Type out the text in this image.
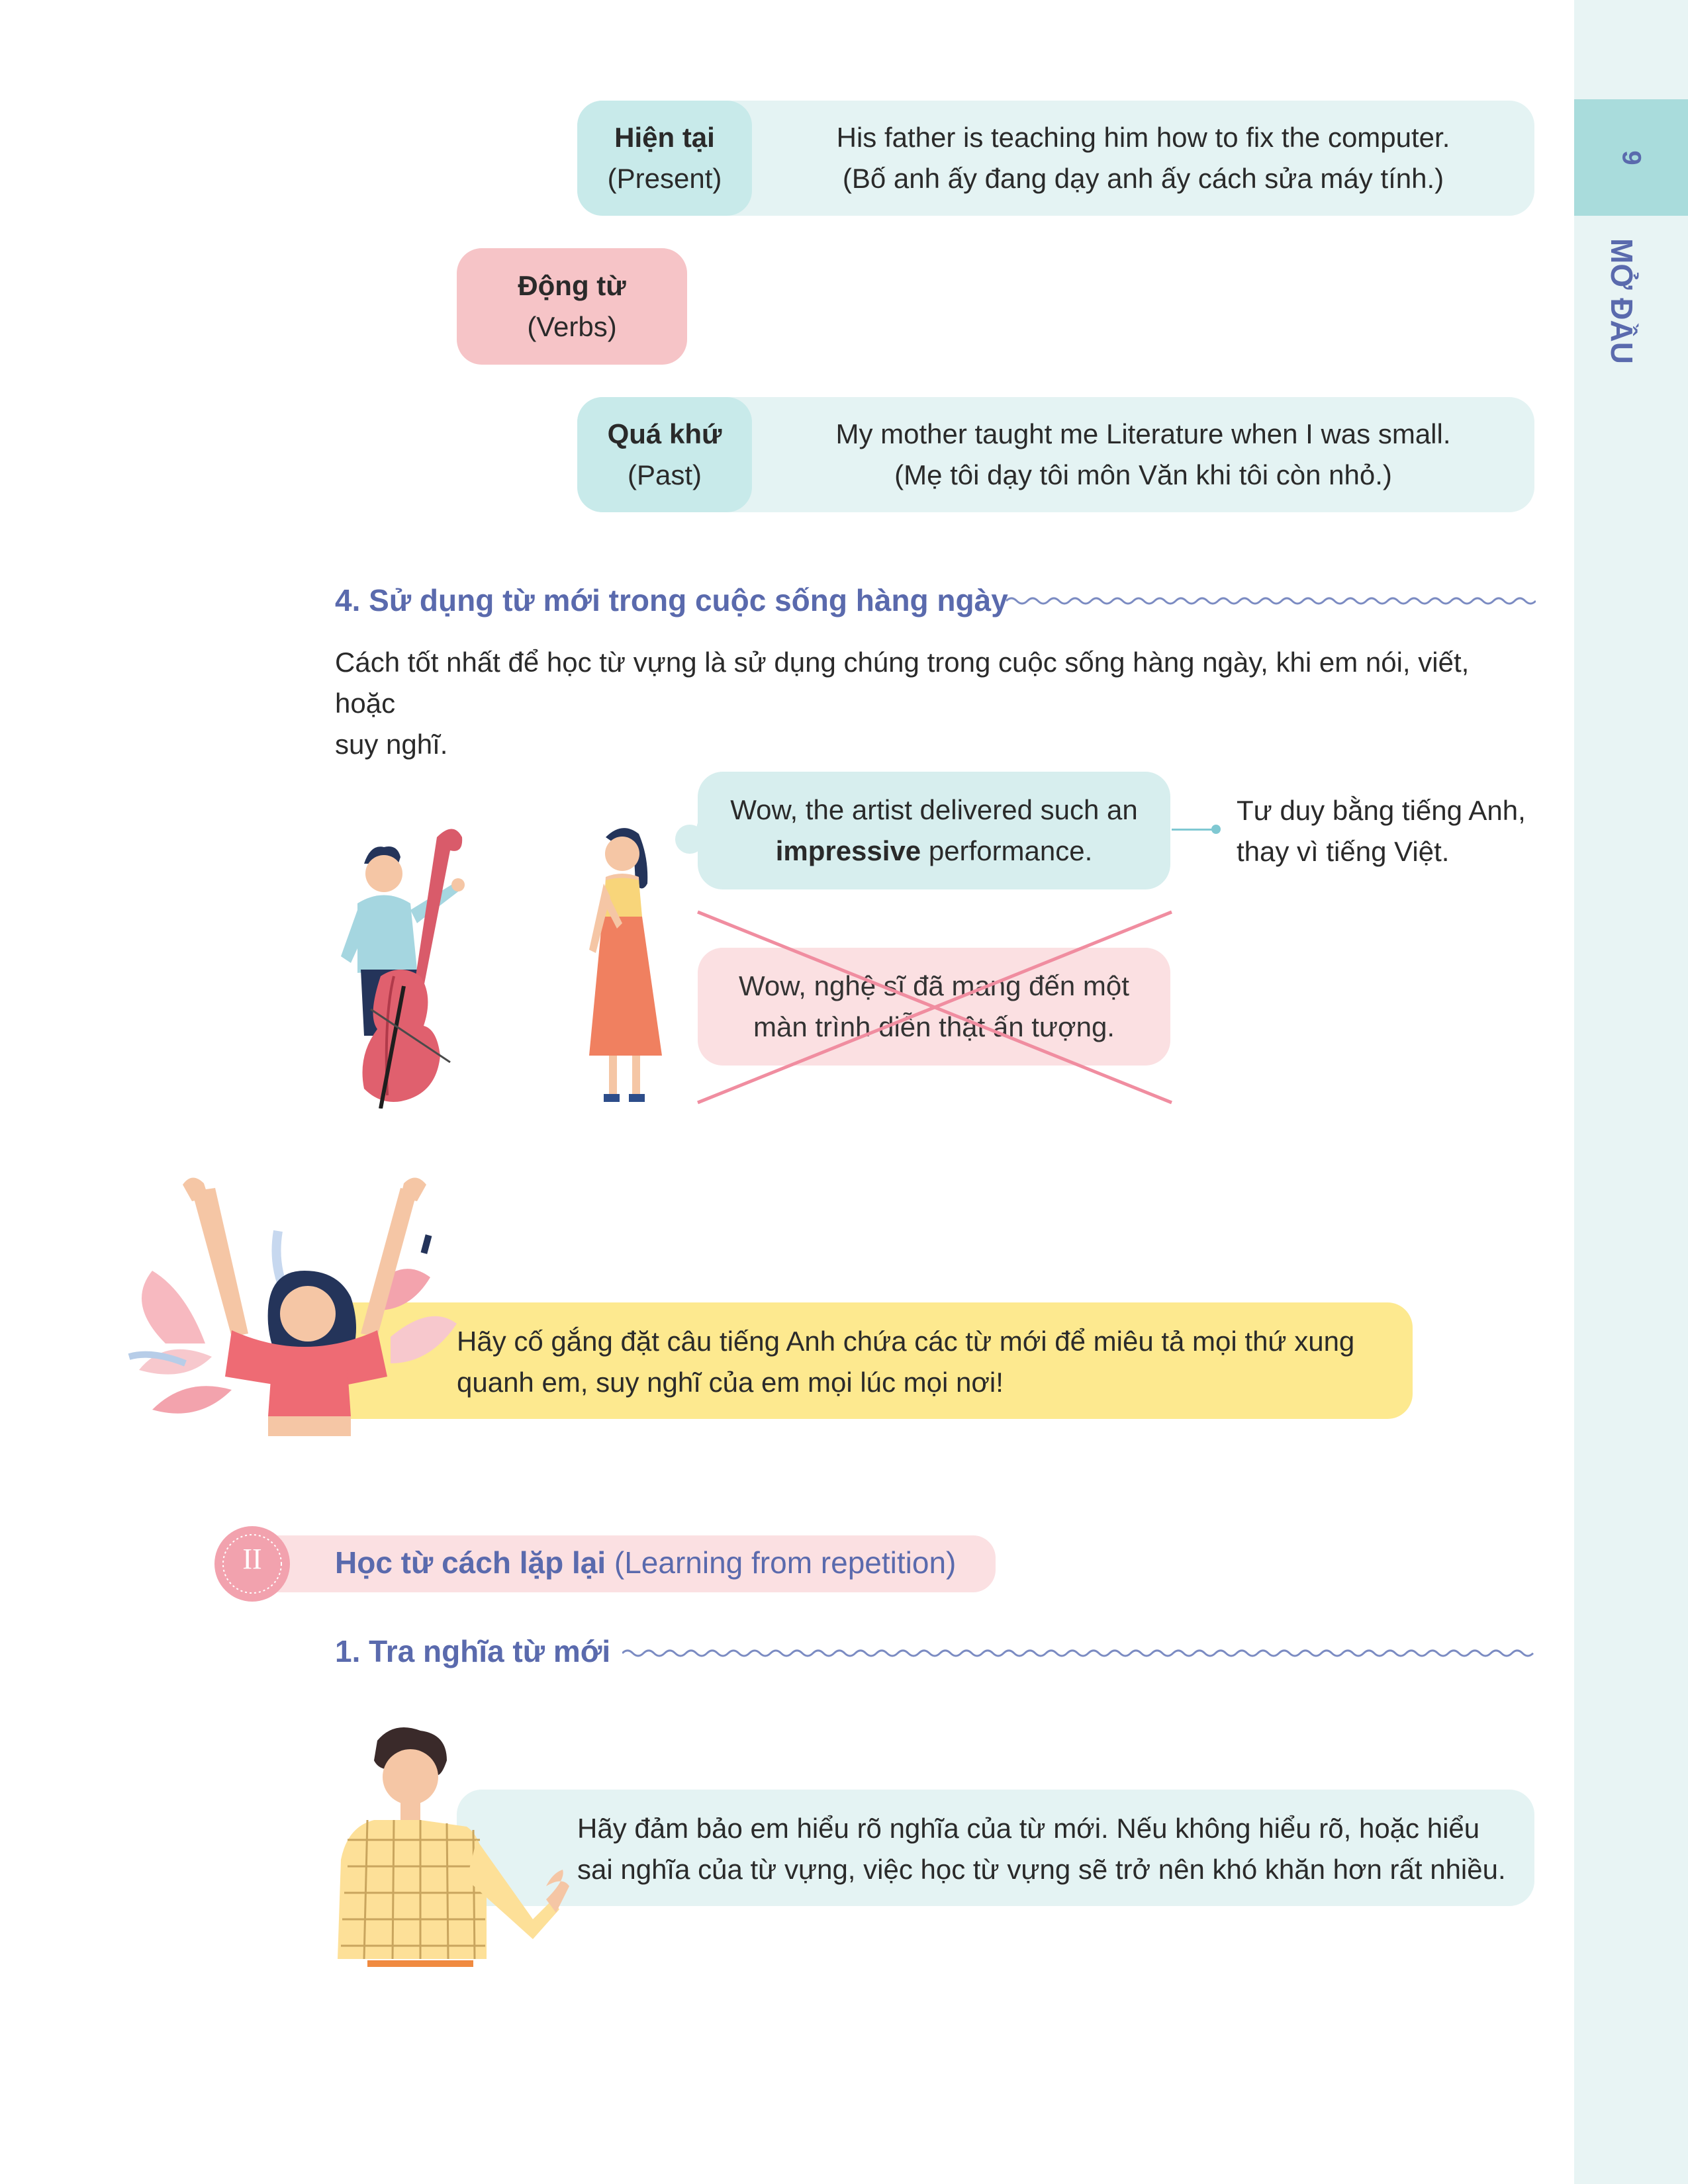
9
MỞ ĐẦU
Hiện tại
(Present)
His father is teaching him how to fix the computer.
(Bố anh ấy đang dạy anh ấy cách sửa máy tính.)
Động từ
(Verbs)
Quá khứ
(Past)
My mother taught me Literature when I was small.
(Mẹ tôi dạy tôi môn Văn khi tôi còn nhỏ.)
4. Sử dụng từ mới trong cuộc sống hàng ngày
Cách tốt nhất để học từ vựng là sử dụng chúng trong cuộc sống hàng ngày, khi em nói, viết, hoặc
suy nghĩ.
Wow, the artist delivered such an
impressive performance.
Tư duy bằng tiếng Anh,
thay vì tiếng Việt.
Wow, nghệ sĩ đã mang đến một
màn trình diễn thật ấn tượng.
Hãy cố gắng đặt câu tiếng Anh chứa các từ mới để miêu tả mọi thứ xung
quanh em, suy nghĩ của em mọi lúc mọi nơi!
II	Học từ cách lặp lại (Learning from repetition)
1. Tra nghĩa từ mới
Hãy đảm bảo em hiểu rõ nghĩa của từ mới. Nếu không hiểu rõ, hoặc hiểu
sai nghĩa của từ vựng, việc học từ vựng sẽ trở nên khó khăn hơn rất nhiều.
